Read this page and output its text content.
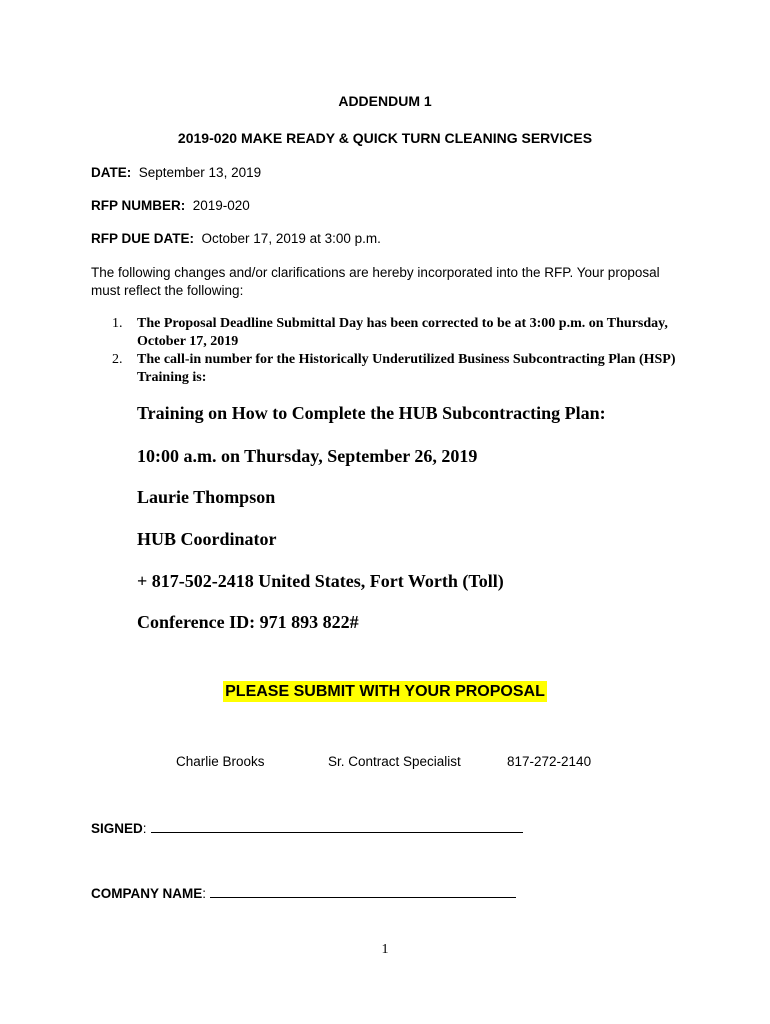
ADDENDUM 1
2019-020 MAKE READY & QUICK TURN CLEANING SERVICES
DATE: September 13, 2019
RFP NUMBER: 2019-020
RFP DUE DATE: October 17, 2019 at 3:00 p.m.
The following changes and/or clarifications are hereby incorporated into the RFP. Your proposal must reflect the following:
1. The Proposal Deadline Submittal Day has been corrected to be at 3:00 p.m. on Thursday, October 17, 2019
2. The call-in number for the Historically Underutilized Business Subcontracting Plan (HSP) Training is:
Training on How to Complete the HUB Subcontracting Plan:
10:00 a.m. on Thursday, September 26, 2019
Laurie Thompson
HUB Coordinator
+ 817-502-2418 United States, Fort Worth (Toll)
Conference ID: 971 893 822#
PLEASE SUBMIT WITH YOUR PROPOSAL
Charlie Brooks	Sr. Contract Specialist	817-272-2140
SIGNED:
COMPANY NAME:
1
